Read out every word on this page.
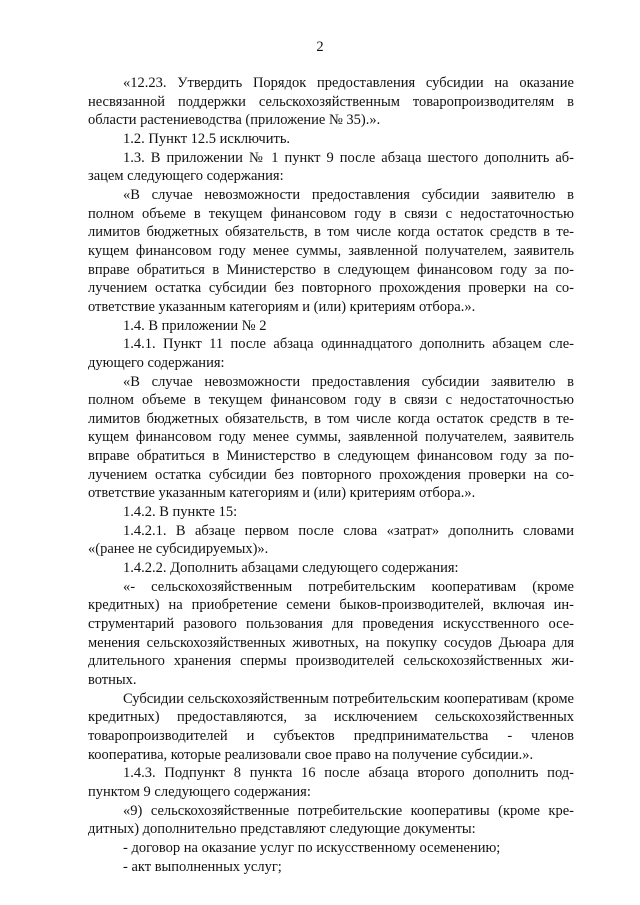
2

«12.23. Утвердить Порядок предоставления субсидии на оказание несвязанной поддержки сельскохозяйственным товаропроизводителям в области растениеводства (приложение № 35).».

1.2. Пункт 12.5 исключить.

1.3. В приложении № 1 пункт 9 после абзаца шестого дополнить абзацем следующего содержания:

«В случае невозможности предоставления субсидии заявителю в полном объеме в текущем финансовом году в связи с недостаточностью лимитов бюджетных обязательств, в том числе когда остаток средств в текущем финансовом году менее суммы, заявленной получателем, заявитель вправе обратиться в Министерство в следующем финансовом году за получением остатка субсидии без повторного прохождения проверки на соответствие указанным категориям и (или) критериям отбора.».

1.4. В приложении № 2

1.4.1. Пункт 11 после абзаца одиннадцатого дополнить абзацем следующего содержания:

«В случае невозможности предоставления субсидии заявителю в полном объеме в текущем финансовом году в связи с недостаточностью лимитов бюджетных обязательств, в том числе когда остаток средств в текущем финансовом году менее суммы, заявленной получателем, заявитель вправе обратиться в Министерство в следующем финансовом году за получением остатка субсидии без повторного прохождения проверки на соответствие указанным категориям и (или) критериям отбора.».

1.4.2. В пункте 15:

1.4.2.1. В абзаце первом после слова «затрат» дополнить словами «(ранее не субсидируемых)».

1.4.2.2. Дополнить абзацами следующего содержания:

«- сельскохозяйственным потребительским кооперативам (кроме кредитных) на приобретение семени быков-производителей, включая инструментарий разового пользования для проведения искусственного осеменения сельскохозяйственных животных, на покупку сосудов Дьюара для длительного хранения спермы производителей сельскохозяйственных животных.

Субсидии сельскохозяйственным потребительским кооперативам (кроме кредитных) предоставляются, за исключением сельскохозяйственных товаропроизводителей и субъектов предпринимательства - членов кооператива, которые реализовали свое право на получение субсидии.».

1.4.3. Подпункт 8 пункта 16 после абзаца второго дополнить подпунктом 9 следующего содержания:

«9) сельскохозяйственные потребительские кооперативы (кроме кредитных) дополнительно представляют следующие документы:

- договор на оказание услуг по искусственному осеменению;

- акт выполненных услуг;
